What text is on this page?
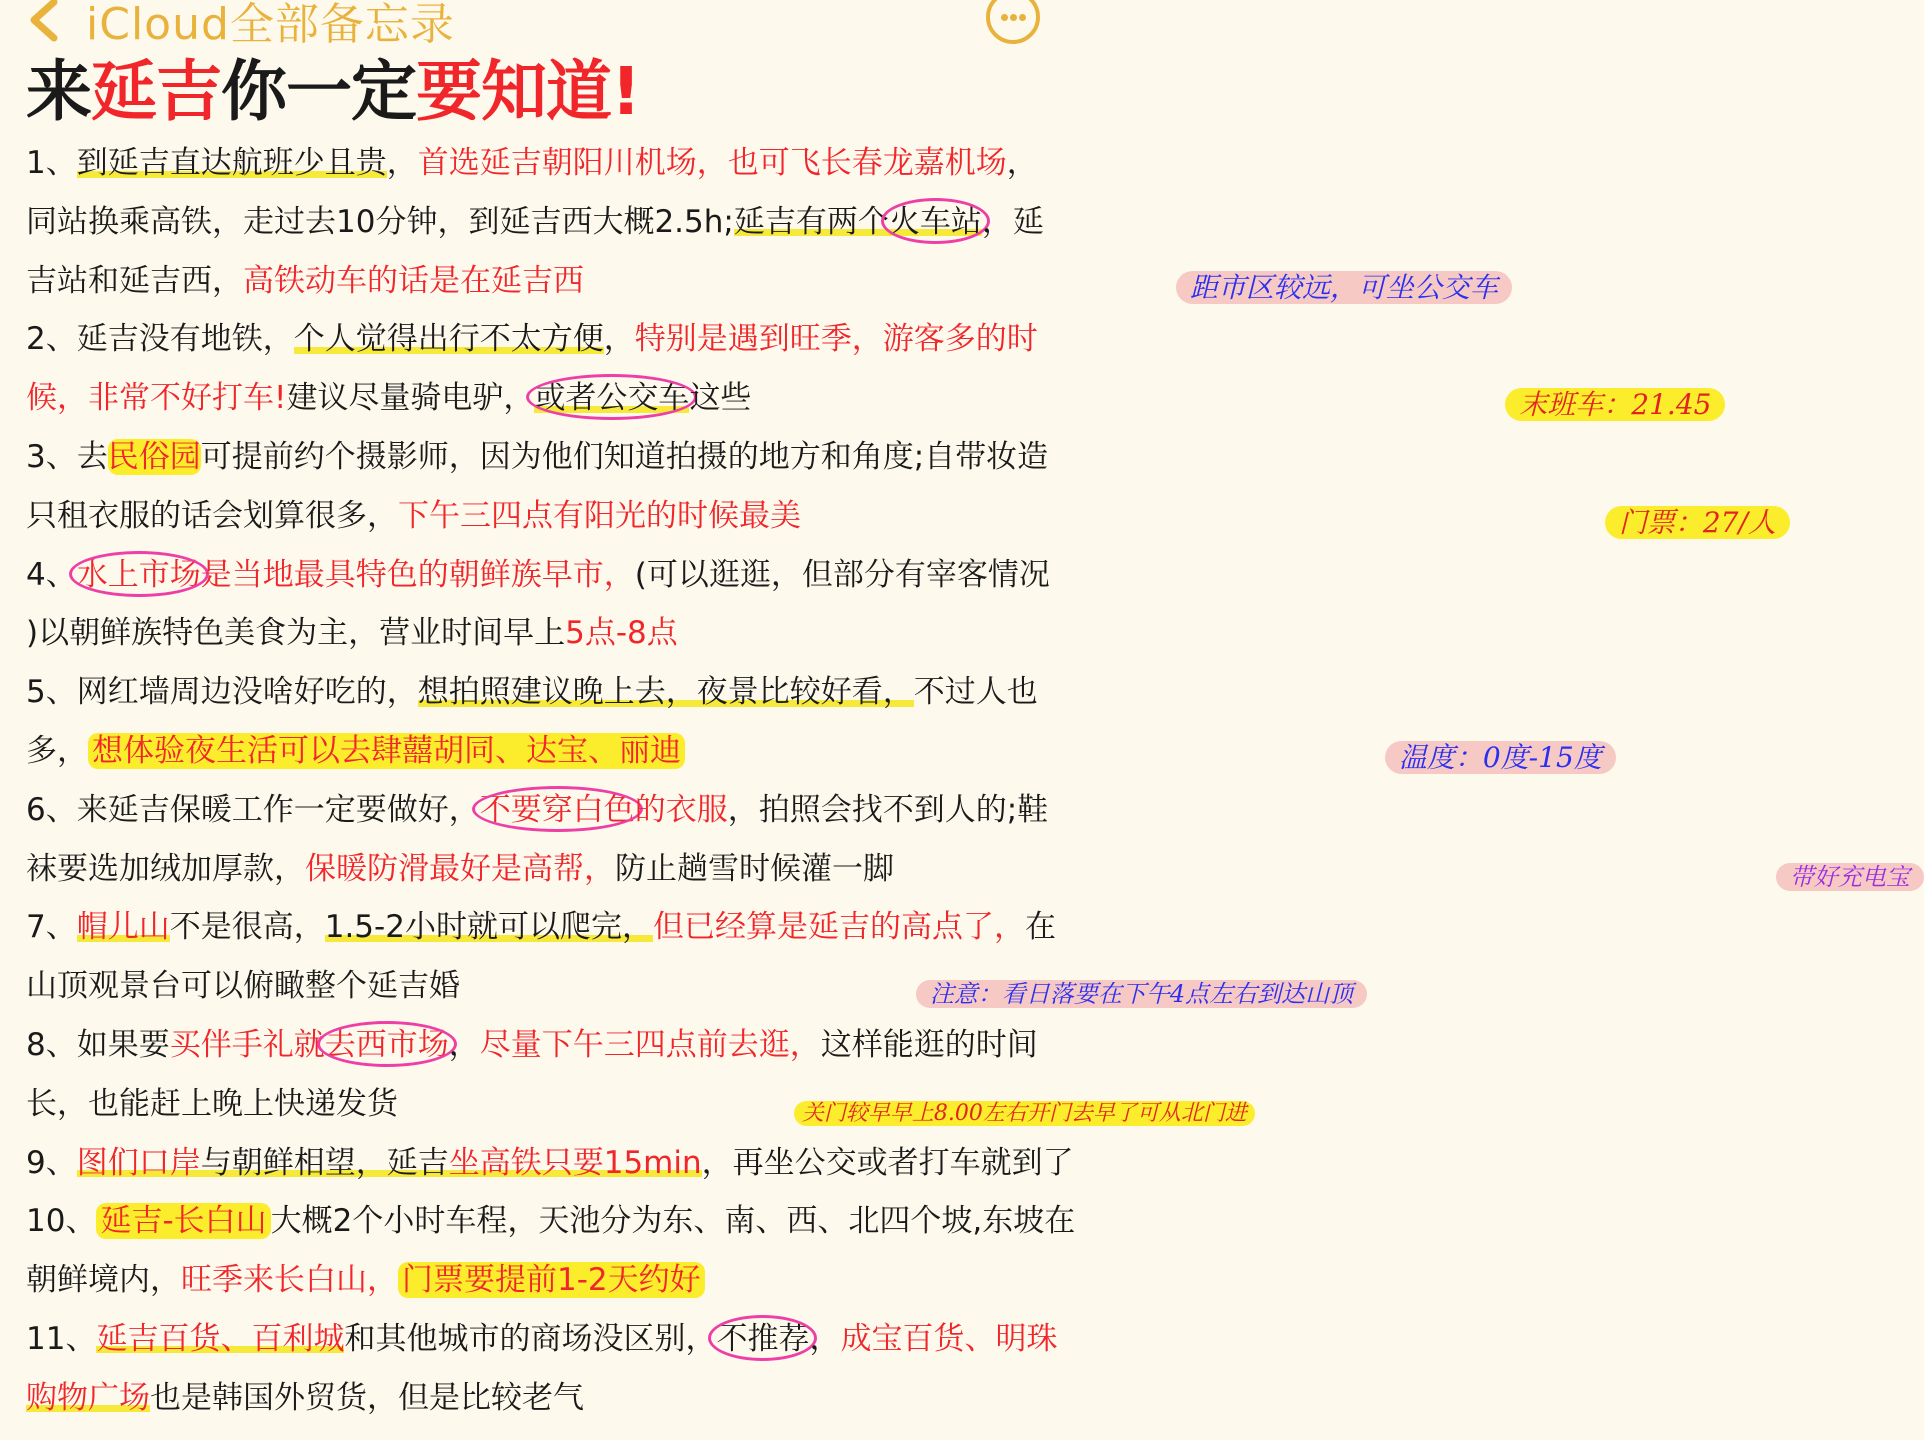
iCloud全部备忘录
来延吉你一定要知道!
1、到延吉直达航班少且贵，首选延吉朝阳川机场，也可飞长春龙嘉机场，
同站换乘高铁，走过去10分钟，到延吉西大概2.5h;延吉有两个火车站，延
吉站和延吉西，高铁动车的话是在延吉西	距市区较远，可坐公交车
2、延吉没有地铁，个人觉得出行不太方便，特别是遇到旺季，游客多的时
候，非常不好打车!建议尽量骑电驴，或者公交车这些	末班车：21.45
3、去民俗园可提前约个摄影师，因为他们知道拍摄的地方和角度;自带妆造
只租衣服的话会划算很多，下午三四点有阳光的时候最美	门票：27/人
4、水上市场是当地最具特色的朝鲜族早市，(可以逛逛，但部分有宰客情况
)以朝鲜族特色美食为主，营业时间早上5点-8点
5、网红墙周边没啥好吃的，想拍照建议晚上去，夜景比较好看，不过人也
多， 想体验夜生活可以去肆囍胡同、达宝、丽迪	温度：0度-15度
6、来延吉保暖工作一定要做好，不要穿白色的衣服，拍照会找不到人的;鞋
袜要选加绒加厚款，保暖防滑最好是高帮，防止趟雪时候灌一脚	带好充电宝
7、帽儿山不是很高，1.5-2小时就可以爬完，但已经算是延吉的高点了，在
山顶观景台可以俯瞰整个延吉婚	注意：看日落要在下午4点左右到达山顶
8、如果要买伴手礼就去西市场，尽量下午三四点前去逛，这样能逛的时间
长，也能赶上晚上快递发货	关门较早早上8.00左右开门去早了可从北门进
9、图们口岸与朝鲜相望，延吉坐高铁只要15min，再坐公交或者打车就到了
10、 延吉-长白山 大概2个小时车程，天池分为东、南、西、北四个坡,东坡在
朝鲜境内，旺季来长白山， 门票要提前1-2天约好
11、延吉百货、百利城和其他城市的商场没区别，不推荐，成宝百货、明珠
购物广场也是韩国外贸货，但是比较老气
